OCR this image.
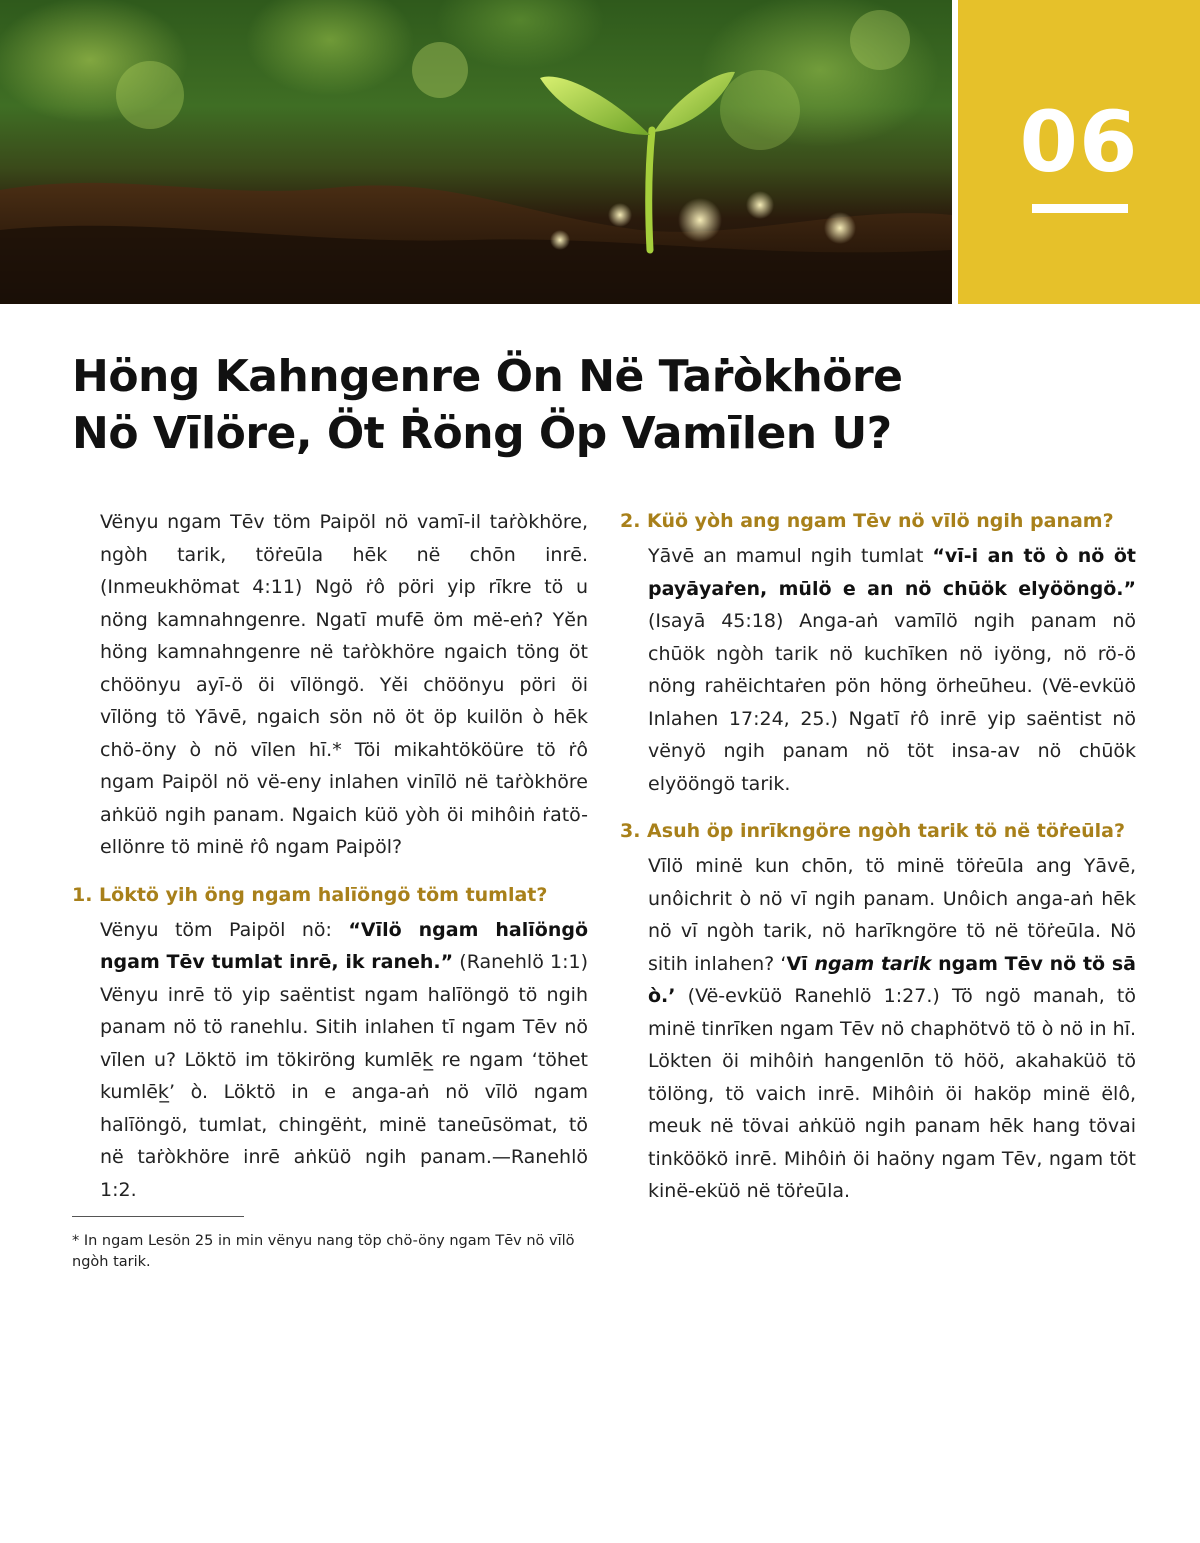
06
Höng Kahngenre Ön Në Taṙòkhöre
Nö Vīlöre, Öt Ṙöng Öp Vamīlen U?

Vënyu ngam Tēv töm Paipöl nö vamī-il taṙòkhöre, ngòh tarik, töṙeūla hēk në chōn inrē. (Inmeukhömat 4:11) Ngö ṙô pöri yip rīkre tö u nöng kamnahngenre. Ngatī mufē öm më-eṅ? Yĕn höng kamnahngenre në taṙòkhöre ngaich töng öt chöönyu ayī-ö öi vīlöngö. Yĕi chöönyu pöri öi vīlöng tö Yāvē, ngaich sön nö öt öp kuilön ò hēk chö-öny ò nö vīlen hī.* Töi mikahtököüre tö ṙô ngam Paipöl nö vë-eny inlahen vinīlö në taṙòkhöre aṅküö ngih panam. Ngaich küö yòh öi mihôiṅ ṙatö-ellönre tö minë ṙô ngam Paipöl?

1. Löktö yih öng ngam halīöngö töm tumlat?

Vënyu töm Paipöl nö: “Vīlö ngam halīöngö ngam Tēv tumlat inrē, ik raneh.” (Ranehlö 1:1) Vënyu inrē tö yip saëntist ngam halīöngö tö ngih panam nö tö ranehlu. Sitih inlahen tī ngam Tēv nö vīlen u? Löktö im tökiröng kumlēk̲ re ngam ‘töhet kumlēk̲’ ò. Löktö in e anga-aṅ nö vīlö ngam halīöngö, tumlat, chingëṅt, minë taneūsömat, tö në taṙòkhöre inrē aṅküö ngih panam.—Ranehlö 1:2.

* In ngam Lesön 25 in min vënyu nang töp chö-öny ngam Tēv nö vīlö ngòh tarik.
2. Küö yòh ang ngam Tēv nö vīlö ngih panam?

Yāvē an mamul ngih tumlat “vī-i an tö ò nö öt payāyaṙen, mūlö e an nö chūök elyööngö.” (Isayā 45:18) Anga-aṅ vamīlö ngih panam nö chūök ngòh tarik nö kuchīken nö iyöng, nö rö-ö nöng rahëichtaṙen pön höng örheūheu. (Vë-evküö Inlahen 17:24, 25.) Ngatī ṙô inrē yip saëntist nö vënyö ngih panam nö töt insa-av nö chūök elyööngö tarik.

3. Asuh öp inrīkngöre ngòh tarik tö në töṙeūla?

Vīlö minë kun chōn, tö minë töṙeūla ang Yāvē, unôichrit ò nö vī ngih panam. Unôich anga-aṅ hēk nö vī ngòh tarik, nö harīkngöre tö në töṙeūla. Nö sitih inlahen? ‘Vī ngam tarik ngam Tēv nö tö sā ò.’ (Vë-evküö Ranehlö 1:27.) Tö ngö manah, tö minë tinrīken ngam Tēv nö chaphötvö tö ò nö in hī. Lökten öi mihôiṅ hangenlōn tö höö, akahaküö tö tölöng, tö vaich inrē. Mihôiṅ öi haköp minë ëlô, meuk në tövai aṅküö ngih panam hēk hang tövai tinköökö inrē. Mihôiṅ öi haöny ngam Tēv, ngam töt kinë-eküö në töṙeūla.
